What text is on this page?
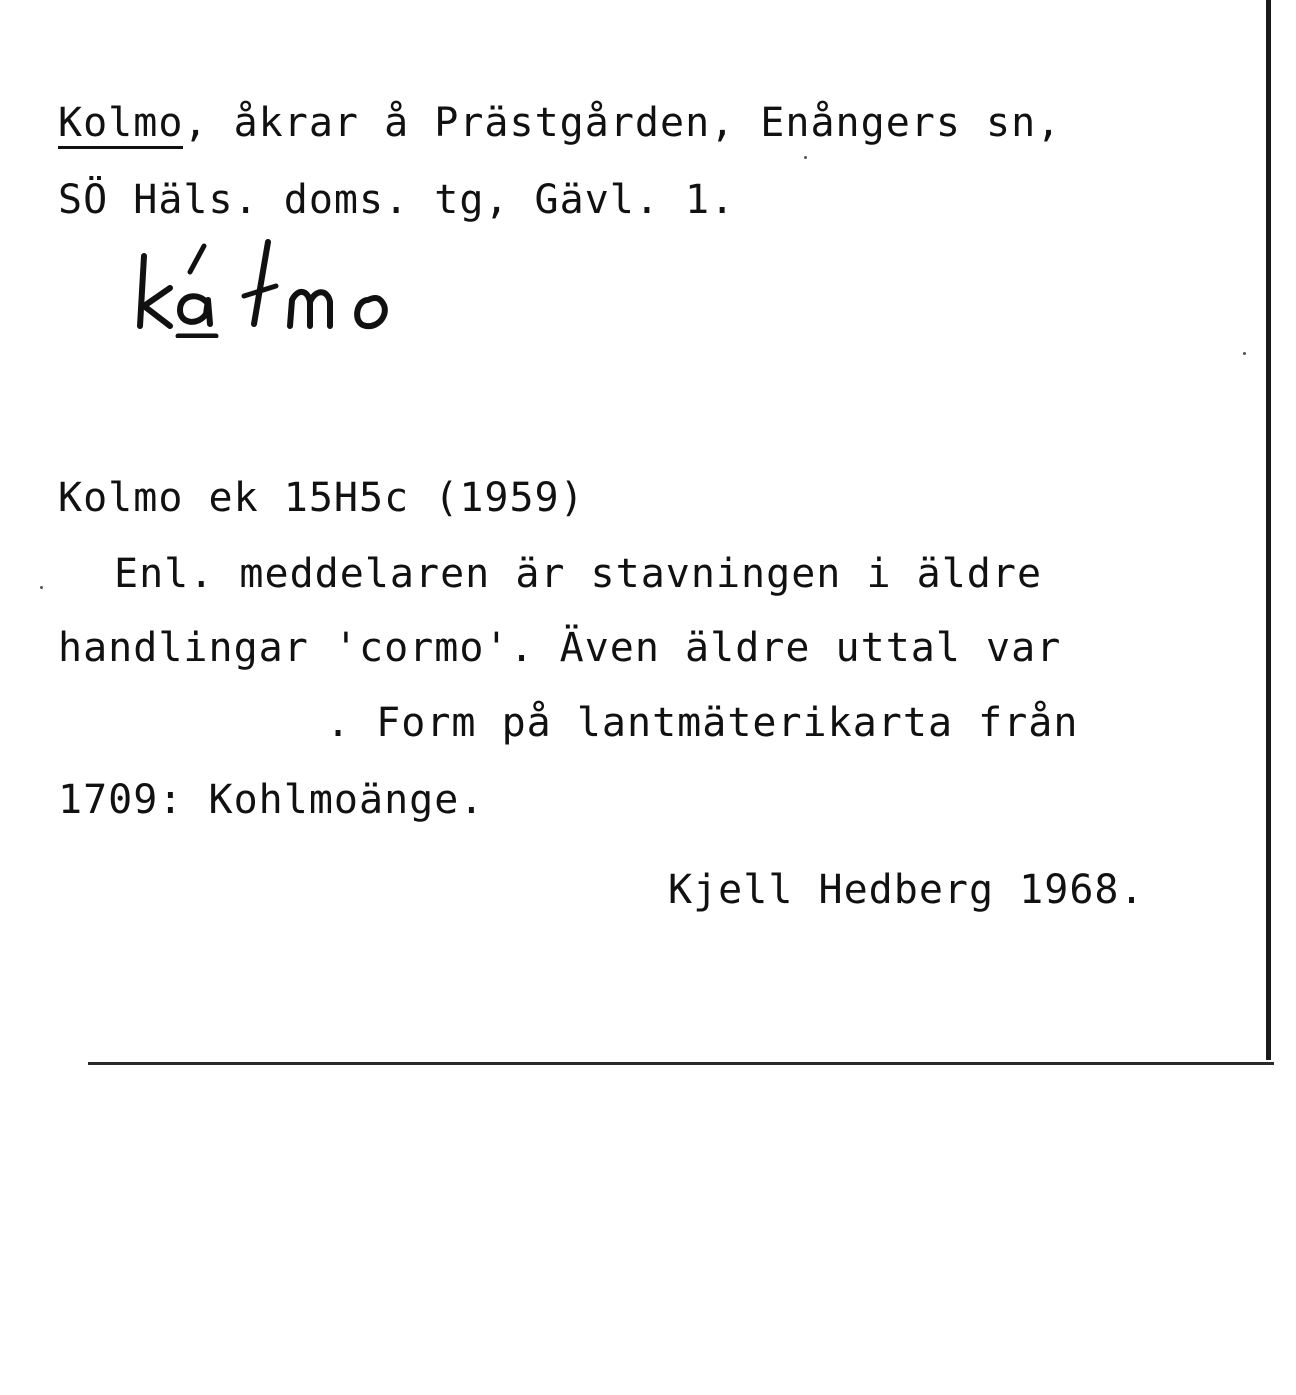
Kolmo, åkrar å Prästgården, Enångers sn,
SÖ Häls. doms. tg, Gävl. 1.
Kolmo ek 15H5c (1959)
Enl. meddelaren är stavningen i äldre
handlingar 'cormo'. Även äldre uttal var
. Form på lantmäterikarta från
1709: Kohlmoänge.
Kjell Hedberg 1968.
